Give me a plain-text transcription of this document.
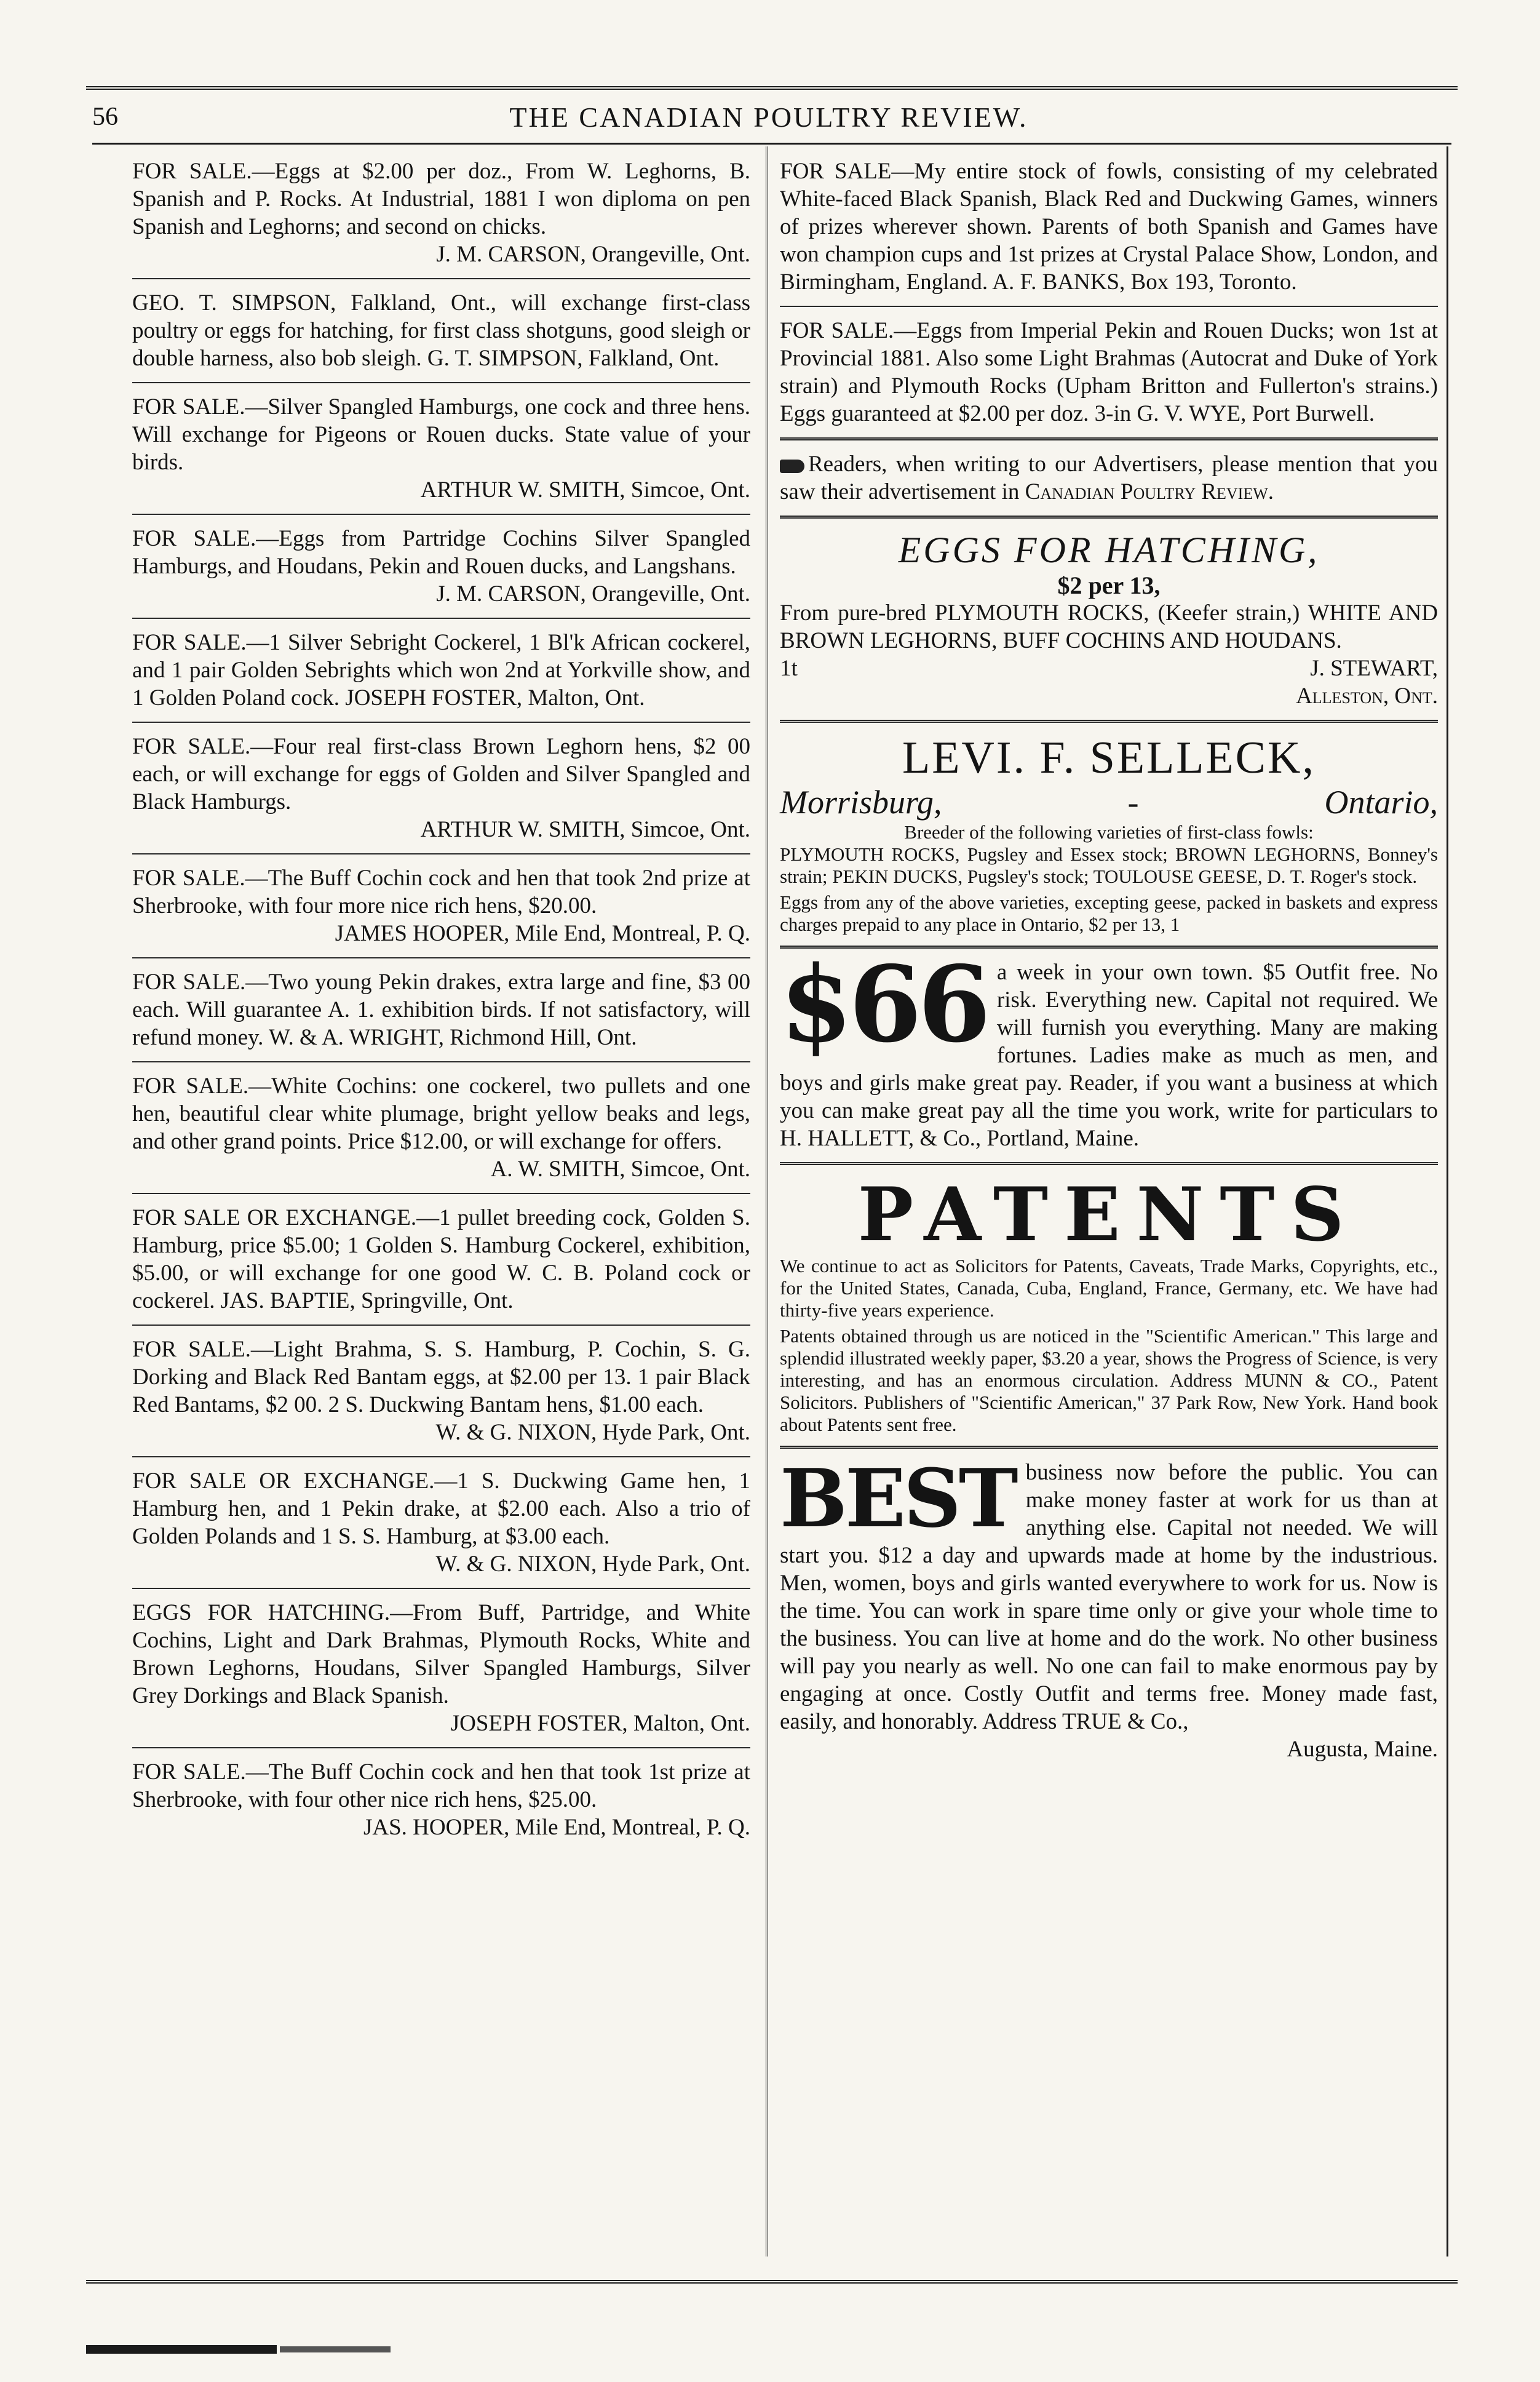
56	THE CANADIAN POULTRY REVIEW.
FOR SALE.—Eggs at $2.00 per doz., From W. Leghorns, B. Spanish and P. Rocks. At Industrial, 1881 I won diploma on pen Spanish and Leghorns; and second on chicks.
J. M. CARSON, Orangeville, Ont.
GEO. T. SIMPSON, Falkland, Ont., will exchange first-class poultry or eggs for hatching, for first class shotguns, good sleigh or double harness, also bob sleigh. G. T. SIMPSON, Falkland, Ont.
FOR SALE.—Silver Spangled Hamburgs, one cock and three hens. Will exchange for Pigeons or Rouen ducks. State value of your birds.
ARTHUR W. SMITH, Simcoe, Ont.
FOR SALE.—Eggs from Partridge Cochins Silver Spangled Hamburgs, and Houdans, Pekin and Rouen ducks, and Langshans.
J. M. CARSON, Orangeville, Ont.
FOR SALE.—1 Silver Sebright Cockerel, 1 Bl'k African cockerel, and 1 pair Golden Sebrights which won 2nd at Yorkville show, and 1 Golden Poland cock. JOSEPH FOSTER, Malton, Ont.
FOR SALE.—Four real first-class Brown Leghorn hens, $2 00 each, or will exchange for eggs of Golden and Silver Spangled and Black Hamburgs.
ARTHUR W. SMITH, Simcoe, Ont.
FOR SALE.—The Buff Cochin cock and hen that took 2nd prize at Sherbrooke, with four more nice rich hens, $20.00.
JAMES HOOPER, Mile End, Montreal, P. Q.
FOR SALE.—Two young Pekin drakes, extra large and fine, $3 00 each. Will guarantee A. 1. exhibition birds. If not satisfactory, will refund money. W. & A. WRIGHT, Richmond Hill, Ont.
FOR SALE.—White Cochins: one cockerel, two pullets and one hen, beautiful clear white plumage, bright yellow beaks and legs, and other grand points. Price $12.00, or will exchange for offers.
A. W. SMITH, Simcoe, Ont.
FOR SALE OR EXCHANGE.—1 pullet breeding cock, Golden S. Hamburg, price $5.00; 1 Golden S. Hamburg Cockerel, exhibition, $5.00, or will exchange for one good W. C. B. Poland cock or cockerel. JAS. BAPTIE, Springville, Ont.
FOR SALE.—Light Brahma, S. S. Hamburg, P. Cochin, S. G. Dorking and Black Red Bantam eggs, at $2.00 per 13. 1 pair Black Red Bantams, $2 00. 2 S. Duckwing Bantam hens, $1.00 each.
W. & G. NIXON, Hyde Park, Ont.
FOR SALE OR EXCHANGE.—1 S. Duckwing Game hen, 1 Hamburg hen, and 1 Pekin drake, at $2.00 each. Also a trio of Golden Polands and 1 S. S. Hamburg, at $3.00 each.
W. & G. NIXON, Hyde Park, Ont.
EGGS FOR HATCHING.—From Buff, Partridge, and White Cochins, Light and Dark Brahmas, Plymouth Rocks, White and Brown Leghorns, Houdans, Silver Spangled Hamburgs, Silver Grey Dorkings and Black Spanish.
JOSEPH FOSTER, Malton, Ont.
FOR SALE.—The Buff Cochin cock and hen that took 1st prize at Sherbrooke, with four other nice rich hens, $25.00.
JAS. HOOPER, Mile End, Montreal, P. Q.
FOR SALE—My entire stock of fowls, consisting of my celebrated White-faced Black Spanish, Black Red and Duckwing Games, winners of prizes wherever shown. Parents of both Spanish and Games have won champion cups and 1st prizes at Crystal Palace Show, London, and Birmingham, England. A. F. BANKS, Box 193, Toronto.
FOR SALE.—Eggs from Imperial Pekin and Rouen Ducks; won 1st at Provincial 1881. Also some Light Brahmas (Autocrat and Duke of York strain) and Plymouth Rocks (Upham Britton and Fullerton's strains.) Eggs guaranteed at $2.00 per doz. 3-in G. V. WYE, Port Burwell.
Readers, when writing to our Advertisers, please mention that you saw their advertisement in Canadian Poultry Review.
EGGS FOR HATCHING,
$2 per 13,
From pure-bred PLYMOUTH ROCKS, (Keefer strain,) WHITE AND BROWN LEGHORNS, BUFF COCHINS AND HOUDANS.
1t	J. STEWART,
Alleston, Ont.
LEVI. F. SELLECK,
Morrisburg,	-	Ontario,
Breeder of the following varieties of first-class fowls:
PLYMOUTH ROCKS, Pugsley and Essex stock; BROWN LEGHORNS, Bonney's strain; PEKIN DUCKS, Pugsley's stock; TOULOUSE GEESE, D. T. Roger's stock.
Eggs from any of the above varieties, excepting geese, packed in baskets and express charges prepaid to any place in Ontario, $2 per 13, 1
$66 a week in your own town. $5 Outfit free. No risk. Everything new. Capital not required. We will furnish you everything. Many are making fortunes. Ladies make as much as men, and boys and girls make great pay. Reader, if you want a business at which you can make great pay all the time you work, write for particulars to H. HALLETT, & Co., Portland, Maine.
PATENTS
We continue to act as Solicitors for Patents, Caveats, Trade Marks, Copyrights, etc., for the United States, Canada, Cuba, England, France, Germany, etc. We have had thirty-five years experience.
Patents obtained through us are noticed in the "Scientific American." This large and splendid illustrated weekly paper, $3.20 a year, shows the Progress of Science, is very interesting, and has an enormous circulation. Address MUNN & CO., Patent Solicitors. Publishers of "Scientific American," 37 Park Row, New York. Hand book about Patents sent free.
BEST business now before the public. You can make money faster at work for us than at anything else. Capital not needed. We will start you. $12 a day and upwards made at home by the industrious. Men, women, boys and girls wanted everywhere to work for us. Now is the time. You can work in spare time only or give your whole time to the business. You can live at home and do the work. No other business will pay you nearly as well. No one can fail to make enormous pay by engaging at once. Costly Outfit and terms free. Money made fast, easily, and honorably. Address TRUE & Co.,
Augusta, Maine.
